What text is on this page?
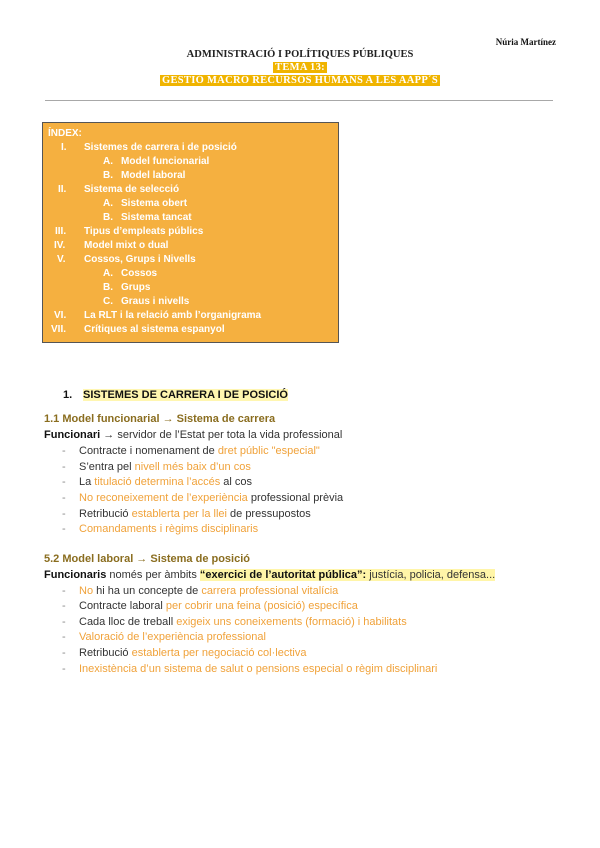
Núria Martínez
ADMINISTRACIÓ I POLÍTIQUES PÚBLIQUES
TEMA 13:
GESTIÓ MACRO RECURSOS HUMANS A LES AAPP´S
ÍNDEX:
I. Sistemes de carrera i de posició
A. Model funcionarial
B. Model laboral
II. Sistema de selecció
A. Sistema obert
B. Sistema tancat
III. Tipus d’empleats públics
IV. Model mixt o dual
V. Cossos, Grups i Nivells
A. Cossos
B. Grups
C. Graus i nivells
VI. La RLT i la relació amb l’organigrama
VII. Crítiques al sistema espanyol
1. SISTEMES DE CARRERA I DE POSICIÓ
1.1 Model funcionarial → Sistema de carrera
Funcionari → servidor de l’Estat per tota la vida professional
- Contracte i nomenament de dret públic "especial"
- S’entra pel nivell més baix d’un cos
- La titulació determina l’accés al cos
- No reconeixement de l’experiència professional prèvia
- Retribució establerta per la llei de pressupostos
- Comandaments i règims disciplinaris
5.2 Model laboral → Sistema de posició
Funcionaris només per àmbits “exercici de l’autoritat pública”: justícia, policia, defensa...
- No hi ha un concepte de carrera professional vitalícia
- Contracte laboral per cobrir una feina (posició) específica
- Cada lloc de treball exigeix uns coneixements (formació) i habilitats
- Valoració de l’experiència professional
- Retribució establerta per negociació col·lectiva
- Inexistència d’un sistema de salut o pensions especial o règim disciplinari
